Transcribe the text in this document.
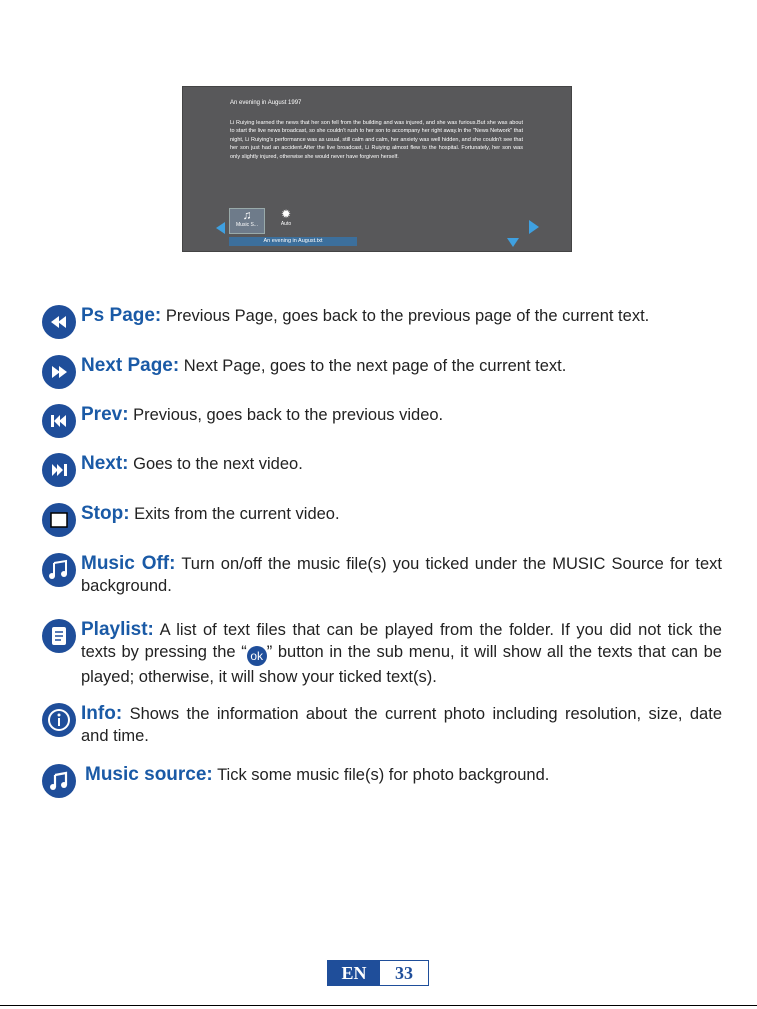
An evening in August 1997
Li Ruiying learned the news that her son fell from the building and was injured, and she was furious.But she was about to start the live news broadcast, so she couldn't rush to her son to accompany her right away.In the "News Network" that night, Li Ruiying's performance was as usual, still calm and calm, her anxiety was well hidden, and she couldn't see that her son just had an accident.After the live broadcast, Li Ruiying almost flew to the hospital. Fortunately, her son was only slightly injured, otherwise she would never have forgiven herself.
♫
Music S...
✹
Auto
An evening in August.txt
Ps Page: Previous Page, goes back to the previous page of the current text.
Next Page: Next Page, goes to the next page of the current text.
Prev: Previous, goes back to the previous video.
Next: Goes to the next video.
Stop: Exits from the current video.
Music Off: Turn on/off the music file(s) you ticked under the MUSIC Source for text background.
Playlist: A list of text files that can be played from the folder. If you did not tick the texts by pressing the “ ok ” button in the sub menu, it will show all the texts that can be played; otherwise, it will show your ticked text(s).
Info: Shows the information about the current photo including resolution, size, date and time.
Music source: Tick some music file(s) for photo background.
EN	33
